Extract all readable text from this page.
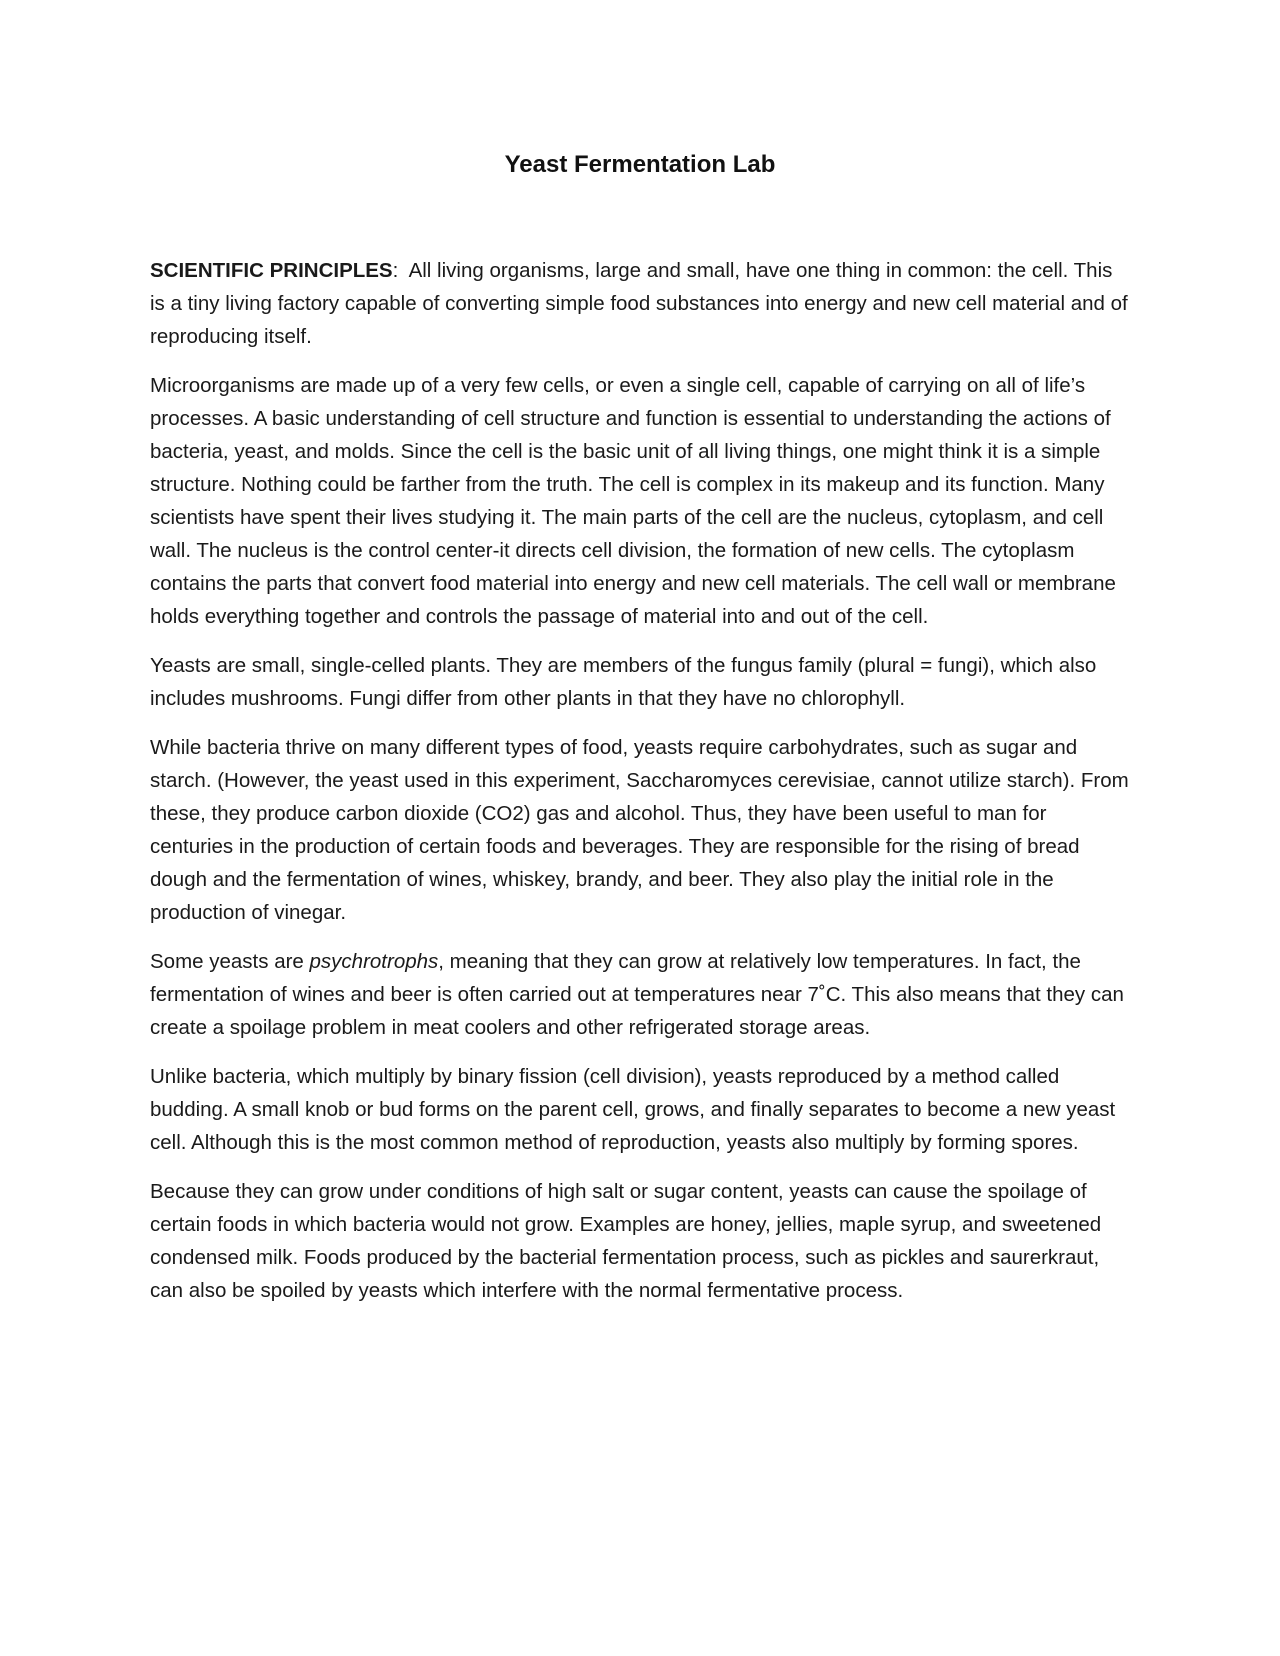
Yeast Fermentation Lab

SCIENTIFIC PRINCIPLES:  All living organisms, large and small, have one thing in common: the cell. This is a tiny living factory capable of converting simple food substances into energy and new cell material and of reproducing itself.

Microorganisms are made up of a very few cells, or even a single cell, capable of carrying on all of life’s processes. A basic understanding of cell structure and function is essential to understanding the actions of bacteria, yeast, and molds. Since the cell is the basic unit of all living things, one might think it is a simple structure. Nothing could be farther from the truth. The cell is complex in its makeup and its function. Many scientists have spent their lives studying it. The main parts of the cell are the nucleus, cytoplasm, and cell wall. The nucleus is the control center-it directs cell division, the formation of new cells. The cytoplasm contains the parts that convert food material into energy and new cell materials. The cell wall or membrane holds everything together and controls the passage of material into and out of the cell.

Yeasts are small, single-celled plants. They are members of the fungus family (plural = fungi), which also includes mushrooms. Fungi differ from other plants in that they have no chlorophyll.

While bacteria thrive on many different types of food, yeasts require carbohydrates, such as sugar and starch. (However, the yeast used in this experiment, Saccharomyces cerevisiae, cannot utilize starch). From these, they produce carbon dioxide (CO2) gas and alcohol. Thus, they have been useful to man for centuries in the production of certain foods and beverages. They are responsible for the rising of bread dough and the fermentation of wines, whiskey, brandy, and beer. They also play the initial role in the production of vinegar.

Some yeasts are psychrotrophs, meaning that they can grow at relatively low temperatures. In fact, the fermentation of wines and beer is often carried out at temperatures near 7˚C. This also means that they can create a spoilage problem in meat coolers and other refrigerated storage areas.

Unlike bacteria, which multiply by binary fission (cell division), yeasts reproduced by a method called budding. A small knob or bud forms on the parent cell, grows, and finally separates to become a new yeast cell. Although this is the most common method of reproduction, yeasts also multiply by forming spores.

Because they can grow under conditions of high salt or sugar content, yeasts can cause the spoilage of certain foods in which bacteria would not grow. Examples are honey, jellies, maple syrup, and sweetened condensed milk. Foods produced by the bacterial fermentation process, such as pickles and saurerkraut, can also be spoiled by yeasts which interfere with the normal fermentative process.
